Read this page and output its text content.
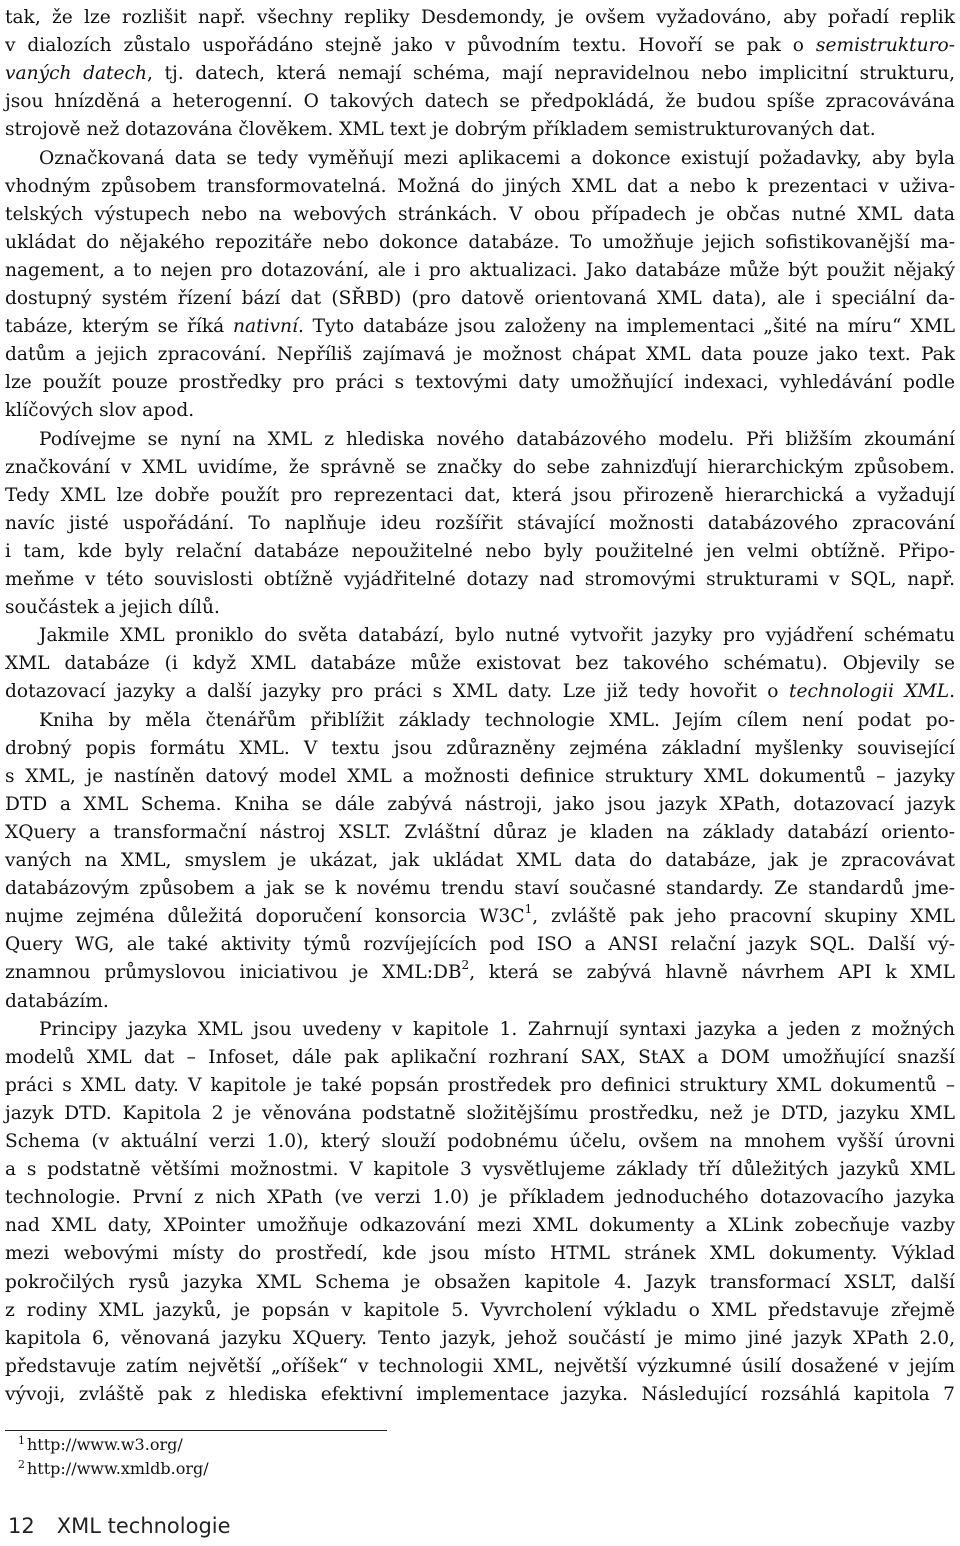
tak, že lze rozlišit např. všechny repliky Desdemondy, je ovšem vyžadováno, aby pořadí replik
v dialozích zůstalo uspořádáno stejně jako v původním textu. Hovoří se pak o semistrukturo-
vaných datech, tj. datech, která nemají schéma, mají nepravidelnou nebo implicitní strukturu,
jsou hnízděná a heterogenní. O takových datech se předpokládá, že budou spíše zpracovávána
strojově než dotazována člověkem. XML text je dobrým příkladem semistrukturovaných dat.
Označkovaná data se tedy vyměňují mezi aplikacemi a dokonce existují požadavky, aby byla
vhodným způsobem transformovatelná. Možná do jiných XML dat a nebo k prezentaci v uživa-
telských výstupech nebo na webových stránkách. V obou případech je občas nutné XML data
ukládat do nějakého repozitáře nebo dokonce databáze. To umožňuje jejich sofistikovanější ma-
nagement, a to nejen pro dotazování, ale i pro aktualizaci. Jako databáze může být použit nějaký
dostupný systém řízení bází dat (SŘBD) (pro datově orientovaná XML data), ale i speciální da-
tabáze, kterým se říká nativní. Tyto databáze jsou založeny na implementaci „šité na míru“ XML
datům a jejich zpracování. Nepříliš zajímavá je možnost chápat XML data pouze jako text. Pak
lze použít pouze prostředky pro práci s textovými daty umožňující indexaci, vyhledávání podle
klíčových slov apod.
Podívejme se nyní na XML z hlediska nového databázového modelu. Při bližším zkoumání
značkování v XML uvidíme, že správně se značky do sebe zahnizďují hierarchickým způsobem.
Tedy XML lze dobře použít pro reprezentaci dat, která jsou přirozeně hierarchická a vyžadují
navíc jisté uspořádání. To naplňuje ideu rozšířit stávající možnosti databázového zpracování
i tam, kde byly relační databáze nepoužitelné nebo byly použitelné jen velmi obtížně. Připo-
meňme v této souvislosti obtížně vyjádřitelné dotazy nad stromovými strukturami v SQL, např.
součástek a jejich dílů.
Jakmile XML proniklo do světa databází, bylo nutné vytvořit jazyky pro vyjádření schématu
XML databáze (i když XML databáze může existovat bez takového schématu). Objevily se
dotazovací jazyky a další jazyky pro práci s XML daty. Lze již tedy hovořit o technologii XML.
Kniha by měla čtenářům přiblížit základy technologie XML. Jejím cílem není podat po-
drobný popis formátu XML. V textu jsou zdůrazněny zejména základní myšlenky související
s XML, je nastíněn datový model XML a možnosti definice struktury XML dokumentů – jazyky
DTD a XML Schema. Kniha se dále zabývá nástroji, jako jsou jazyk XPath, dotazovací jazyk
XQuery a transformační nástroj XSLT. Zvláštní důraz je kladen na základy databází oriento-
vaných na XML, smyslem je ukázat, jak ukládat XML data do databáze, jak je zpracovávat
databázovým způsobem a jak se k novému trendu staví současné standardy. Ze standardů jme-
nujme zejména důležitá doporučení konsorcia $W3C^1$, zvláště pak jeho pracovní skupiny XML
Query WG, ale také aktivity týmů rozvíjejících pod ISO a ANSI relační jazyk SQL. Další vý-
znamnou průmyslovou iniciativou je $XML:DB^2$, která se zabývá hlavně návrhem API k XML
databázím.
Principy jazyka XML jsou uvedeny v kapitole 1. Zahrnují syntaxi jazyka a jeden z možných
modelů XML dat – Infoset, dále pak aplikační rozhraní SAX, StAX a DOM umožňující snazší
práci s XML daty. V kapitole je také popsán prostředek pro definici struktury XML dokumentů –
jazyk DTD. Kapitola 2 je věnována podstatně složitějšímu prostředku, než je DTD, jazyku XML
Schema (v aktuální verzi 1.0), který slouží podobnému účelu, ovšem na mnohem vyšší úrovni
a s podstatně většími možnostmi. V kapitole 3 vysvětlujeme základy tří důležitých jazyků XML
technologie. První z nich XPath (ve verzi 1.0) je příkladem jednoduchého dotazovacího jazyka
nad XML daty, XPointer umožňuje odkazování mezi XML dokumenty a XLink zobecňuje vazby
mezi webovými místy do prostředí, kde jsou místo HTML stránek XML dokumenty. Výklad
pokročilých rysů jazyka XML Schema je obsažen kapitole 4. Jazyk transformací XSLT, další
z rodiny XML jazyků, je popsán v kapitole 5. Vyvrcholení výkladu o XML představuje zřejmě
kapitola 6, věnovaná jazyku XQuery. Tento jazyk, jehož součástí je mimo jiné jazyk XPath 2.0,
představuje zatím největší „oříšek“ v technologii XML, největší výzkumné úsilí dosažené v jejím
vývoji, zvláště pak z hlediska efektivní implementace jazyka. Následující rozsáhlá kapitola 7
$^1$ http://www.w3.org/
$^2$ http://www.xmldb.org/
12 XML technologie
